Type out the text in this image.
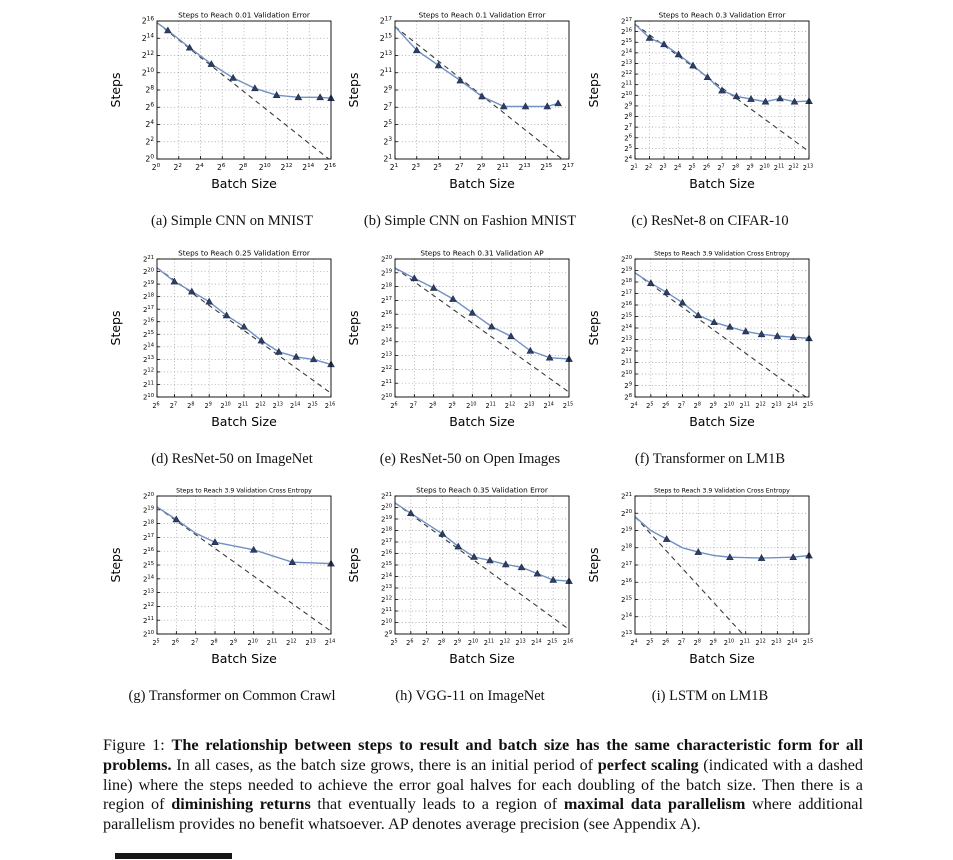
$2^0$ $2^2$ $2^4$ $2^6$ $2^8$ $2^{10}$ $2^{12}$ $2^{14}$ $2^{16}$
$2^0$
$2^2$
$2^4$
$2^6$
$2^8$
$2^{10}$
$2^{12}$
$2^{14}$
$2^{16}$	Steps to Reach 0.01 Validation Error
Batch Size
Steps
(a) Simple CNN on MNIST
$2^1$ $2^3$ $2^5$ $2^7$ $2^9$ $2^{11}$ $2^{13}$ $2^{15}$ $2^{17}$
$2^1$
$2^3$
$2^5$
$2^7$
$2^9$
$2^{11}$
$2^{13}$
$2^{15}$
$2^{17}$	Steps to Reach 0.1 Validation Error
Batch Size
Steps
(b) Simple CNN on Fashion MNIST
$2^1$ $2^2$ $2^3$ $2^4$ $2^5$ $2^6$ $2^7$ $2^8$ $2^9$ $2^{10}$ $2^{11}$ $2^{12}$ $2^{13}$
$2^4$
$2^5$
$2^6$
$2^7$
$2^8$
$2^9$
$2^{10}$
$2^{11}$
$2^{12}$
$2^{13}$
$2^{14}$
$2^{15}$
$2^{16}$
$2^{17}$
Steps to Reach 0.3 Validation Error
Batch Size
Steps
(c) ResNet-8 on CIFAR-10
$2^6$ $2^7$ $2^8$ $2^9$ $2^{10}$ $2^{11}$ $2^{12}$ $2^{13}$ $2^{14}$ $2^{15}$ $2^{16}$
$2^{10}$
$2^{11}$
$2^{12}$
$2^{13}$
$2^{14}$
$2^{15}$
$2^{16}$
$2^{17}$
$2^{18}$
$2^{19}$
$2^{20}$
$2^{21}$
Steps to Reach 0.25 Validation Error
Batch Size
Steps
(d) ResNet-50 on ImageNet
$2^6$ $2^7$ $2^8$ $2^9$ $2^{10}$ $2^{11}$ $2^{12}$ $2^{13}$ $2^{14}$ $2^{15}$
$2^{10}$
$2^{11}$
$2^{12}$
$2^{13}$
$2^{14}$
$2^{15}$
$2^{16}$
$2^{17}$
$2^{18}$
$2^{19}$
$2^{20}$
Steps to Reach 0.31 Validation AP
Batch Size
Steps
(e) ResNet-50 on Open Images
$2^4$ $2^5$ $2^6$ $2^7$ $2^8$ $2^9$ $2^{10}$ $2^{11}$ $2^{12}$ $2^{13}$ $2^{14}$ $2^{15}$
$2^8$
$2^9$
$2^{10}$
$2^{11}$
$2^{12}$
$2^{13}$
$2^{14}$
$2^{15}$
$2^{16}$
$2^{17}$
$2^{18}$
$2^{19}$
$2^{20}$
Steps to Reach 3.9 Validation Cross Entropy
Batch Size
Steps
(f) Transformer on LM1B
$2^5$ $2^6$ $2^7$ $2^8$ $2^9$ $2^{10}$ $2^{11}$ $2^{12}$ $2^{13}$ $2^{14}$
$2^{10}$
$2^{11}$
$2^{12}$
$2^{13}$
$2^{14}$
$2^{15}$
$2^{16}$
$2^{17}$
$2^{18}$
$2^{19}$
$2^{20}$
Steps to Reach 3.9 Validation Cross Entropy
Batch Size
Steps
(g) Transformer on Common Crawl
$2^5$ $2^6$ $2^7$ $2^8$ $2^9$ $2^{10}$ $2^{11}$ $2^{12}$ $2^{13}$ $2^{14}$ $2^{15}$ $2^{16}$
$2^9$
$2^{10}$
$2^{11}$
$2^{12}$
$2^{13}$
$2^{14}$
$2^{15}$
$2^{16}$
$2^{17}$
$2^{18}$
$2^{19}$
$2^{20}$
$2^{21}$
Steps to Reach 0.35 Validation Error
Batch Size
Steps
(h) VGG-11 on ImageNet
$2^4$ $2^5$ $2^6$ $2^7$ $2^8$ $2^9$ $2^{10}$ $2^{11}$ $2^{12}$ $2^{13}$ $2^{14}$ $2^{15}$
$2^{13}$
$2^{14}$
$2^{15}$
$2^{16}$
$2^{17}$
$2^{18}$
$2^{19}$
$2^{20}$
$2^{21}$
Steps to Reach 3.9 Validation Cross Entropy
Batch Size
Steps
(i) LSTM on LM1B

Figure 1: The relationship between steps to result and batch size has the same characteristic form for all problems. In all cases, as the batch size grows, there is an initial period of perfect scaling (indicated with a dashed line) where the steps needed to achieve the error goal halves for each doubling of the batch size. Then there is a region of diminishing returns that eventually leads to a region of maximal data parallelism where additional parallelism provides no benefit whatsoever. AP denotes average precision (see Appendix A).
